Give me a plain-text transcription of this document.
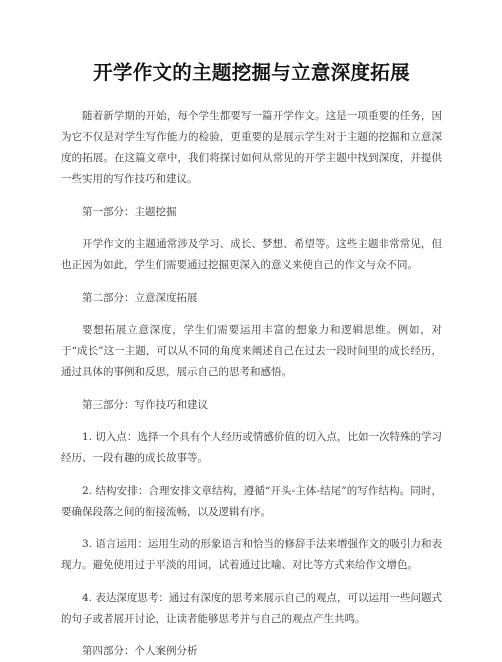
开学作文的主题挖掘与立意深度拓展

随着新学期的开始，每个学生都要写一篇开学作文。这是一项重要的任务，因为它不仅是对学生写作能力的检验，更重要的是展示学生对于主题的挖掘和立意深度的拓展。在这篇文章中，我们将探讨如何从常见的开学主题中找到深度，并提供一些实用的写作技巧和建议。

第一部分：主题挖掘

开学作文的主题通常涉及学习、成长、梦想、希望等。这些主题非常常见，但也正因为如此，学生们需要通过挖掘更深入的意义来使自己的作文与众不同。

第二部分：立意深度拓展

要想拓展立意深度，学生们需要运用丰富的想象力和逻辑思维。例如，对于“成长”这一主题，可以从不同的角度来阐述自己在过去一段时间里的成长经历，通过具体的事例和反思，展示自己的思考和感悟。

第三部分：写作技巧和建议

1. 切入点：选择一个具有个人经历或情感价值的切入点，比如一次特殊的学习经历、一段有趣的成长故事等。

2. 结构安排：合理安排文章结构，遵循“开头-主体-结尾”的写作结构。同时，要确保段落之间的衔接流畅，以及逻辑有序。

3. 语言运用：运用生动的形象语言和恰当的修辞手法来增强作文的吸引力和表现力。避免使用过于平淡的用词，试着通过比喻、对比等方式来给作文增色。

4. 表达深度思考：通过有深度的思考来展示自己的观点，可以运用一些问题式的句子或者展开讨论，让读者能够思考并与自己的观点产生共鸣。

第四部分：个人案例分析
